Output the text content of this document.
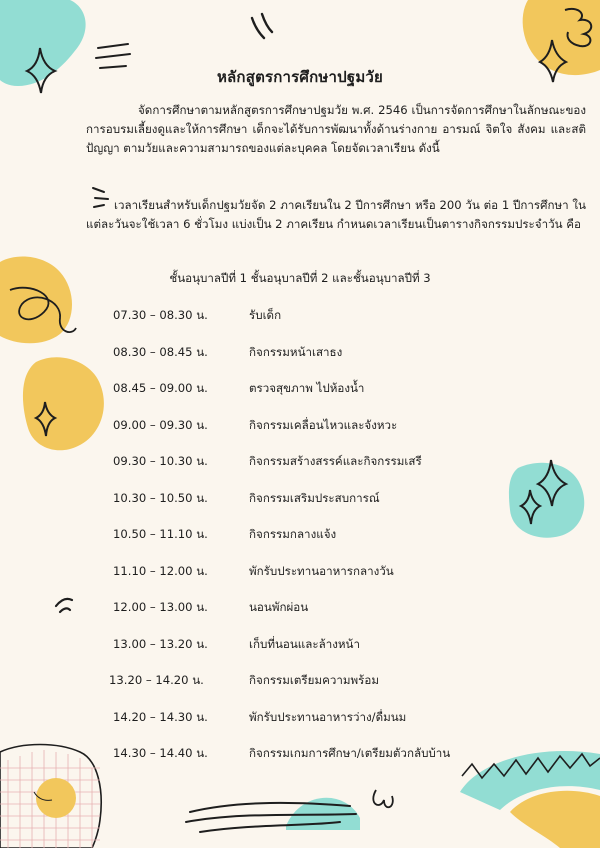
หลักสูตรการศึกษาปฐมวัย

จัดการศึกษาตามหลักสูตรการศึกษาปฐมวัย พ.ศ. 2546 เป็นการจัดการศึกษาในลักษณะของการอบรมเลี้ยงดูและให้การศึกษา เด็กจะได้รับการพัฒนาทั้งด้านร่างกาย อารมณ์ จิตใจ สังคม และสติปัญญา ตามวัยและความสามารถของแต่ละบุคคล โดยจัดเวลาเรียน ดังนี้

เวลาเรียนสำหรับเด็กปฐมวัยจัด 2 ภาคเรียนใน 2 ปีการศึกษา หรือ 200 วัน ต่อ 1 ปีการศึกษา ในแต่ละวันจะใช้เวลา 6 ชั่วโมง แบ่งเป็น 2 ภาคเรียน กำหนดเวลาเรียนเป็นตารางกิจกรรมประจำวัน คือ

ชั้นอนุบาลปีที่ 1 ชั้นอนุบาลปีที่ 2 และชั้นอนุบาลปีที่ 3
07.30 – 08.30 น.	รับเด็ก
08.30 – 08.45 น.	กิจกรรมหน้าเสาธง
08.45 – 09.00 น.	ตรวจสุขภาพ ไปห้องน้ำ
09.00 – 09.30 น.	กิจกรรมเคลื่อนไหวและจังหวะ
09.30 – 10.30 น.	กิจกรรมสร้างสรรค์และกิจกรรมเสรี
10.30 – 10.50 น.	กิจกรรมเสริมประสบการณ์
10.50 – 11.10 น.	กิจกรรมกลางแจ้ง
11.10 – 12.00 น.	พักรับประทานอาหารกลางวัน
12.00 – 13.00 น.	นอนพักผ่อน
13.00 – 13.20 น.	เก็บที่นอนและล้างหน้า
13.20 – 14.20 น.	กิจกรรมเตรียมความพร้อม
14.20 – 14.30 น.	พักรับประทานอาหารว่าง/ดื่มนม
14.30 – 14.40 น.	กิจกรรมเกมการศึกษา/เตรียมตัวกลับบ้าน
